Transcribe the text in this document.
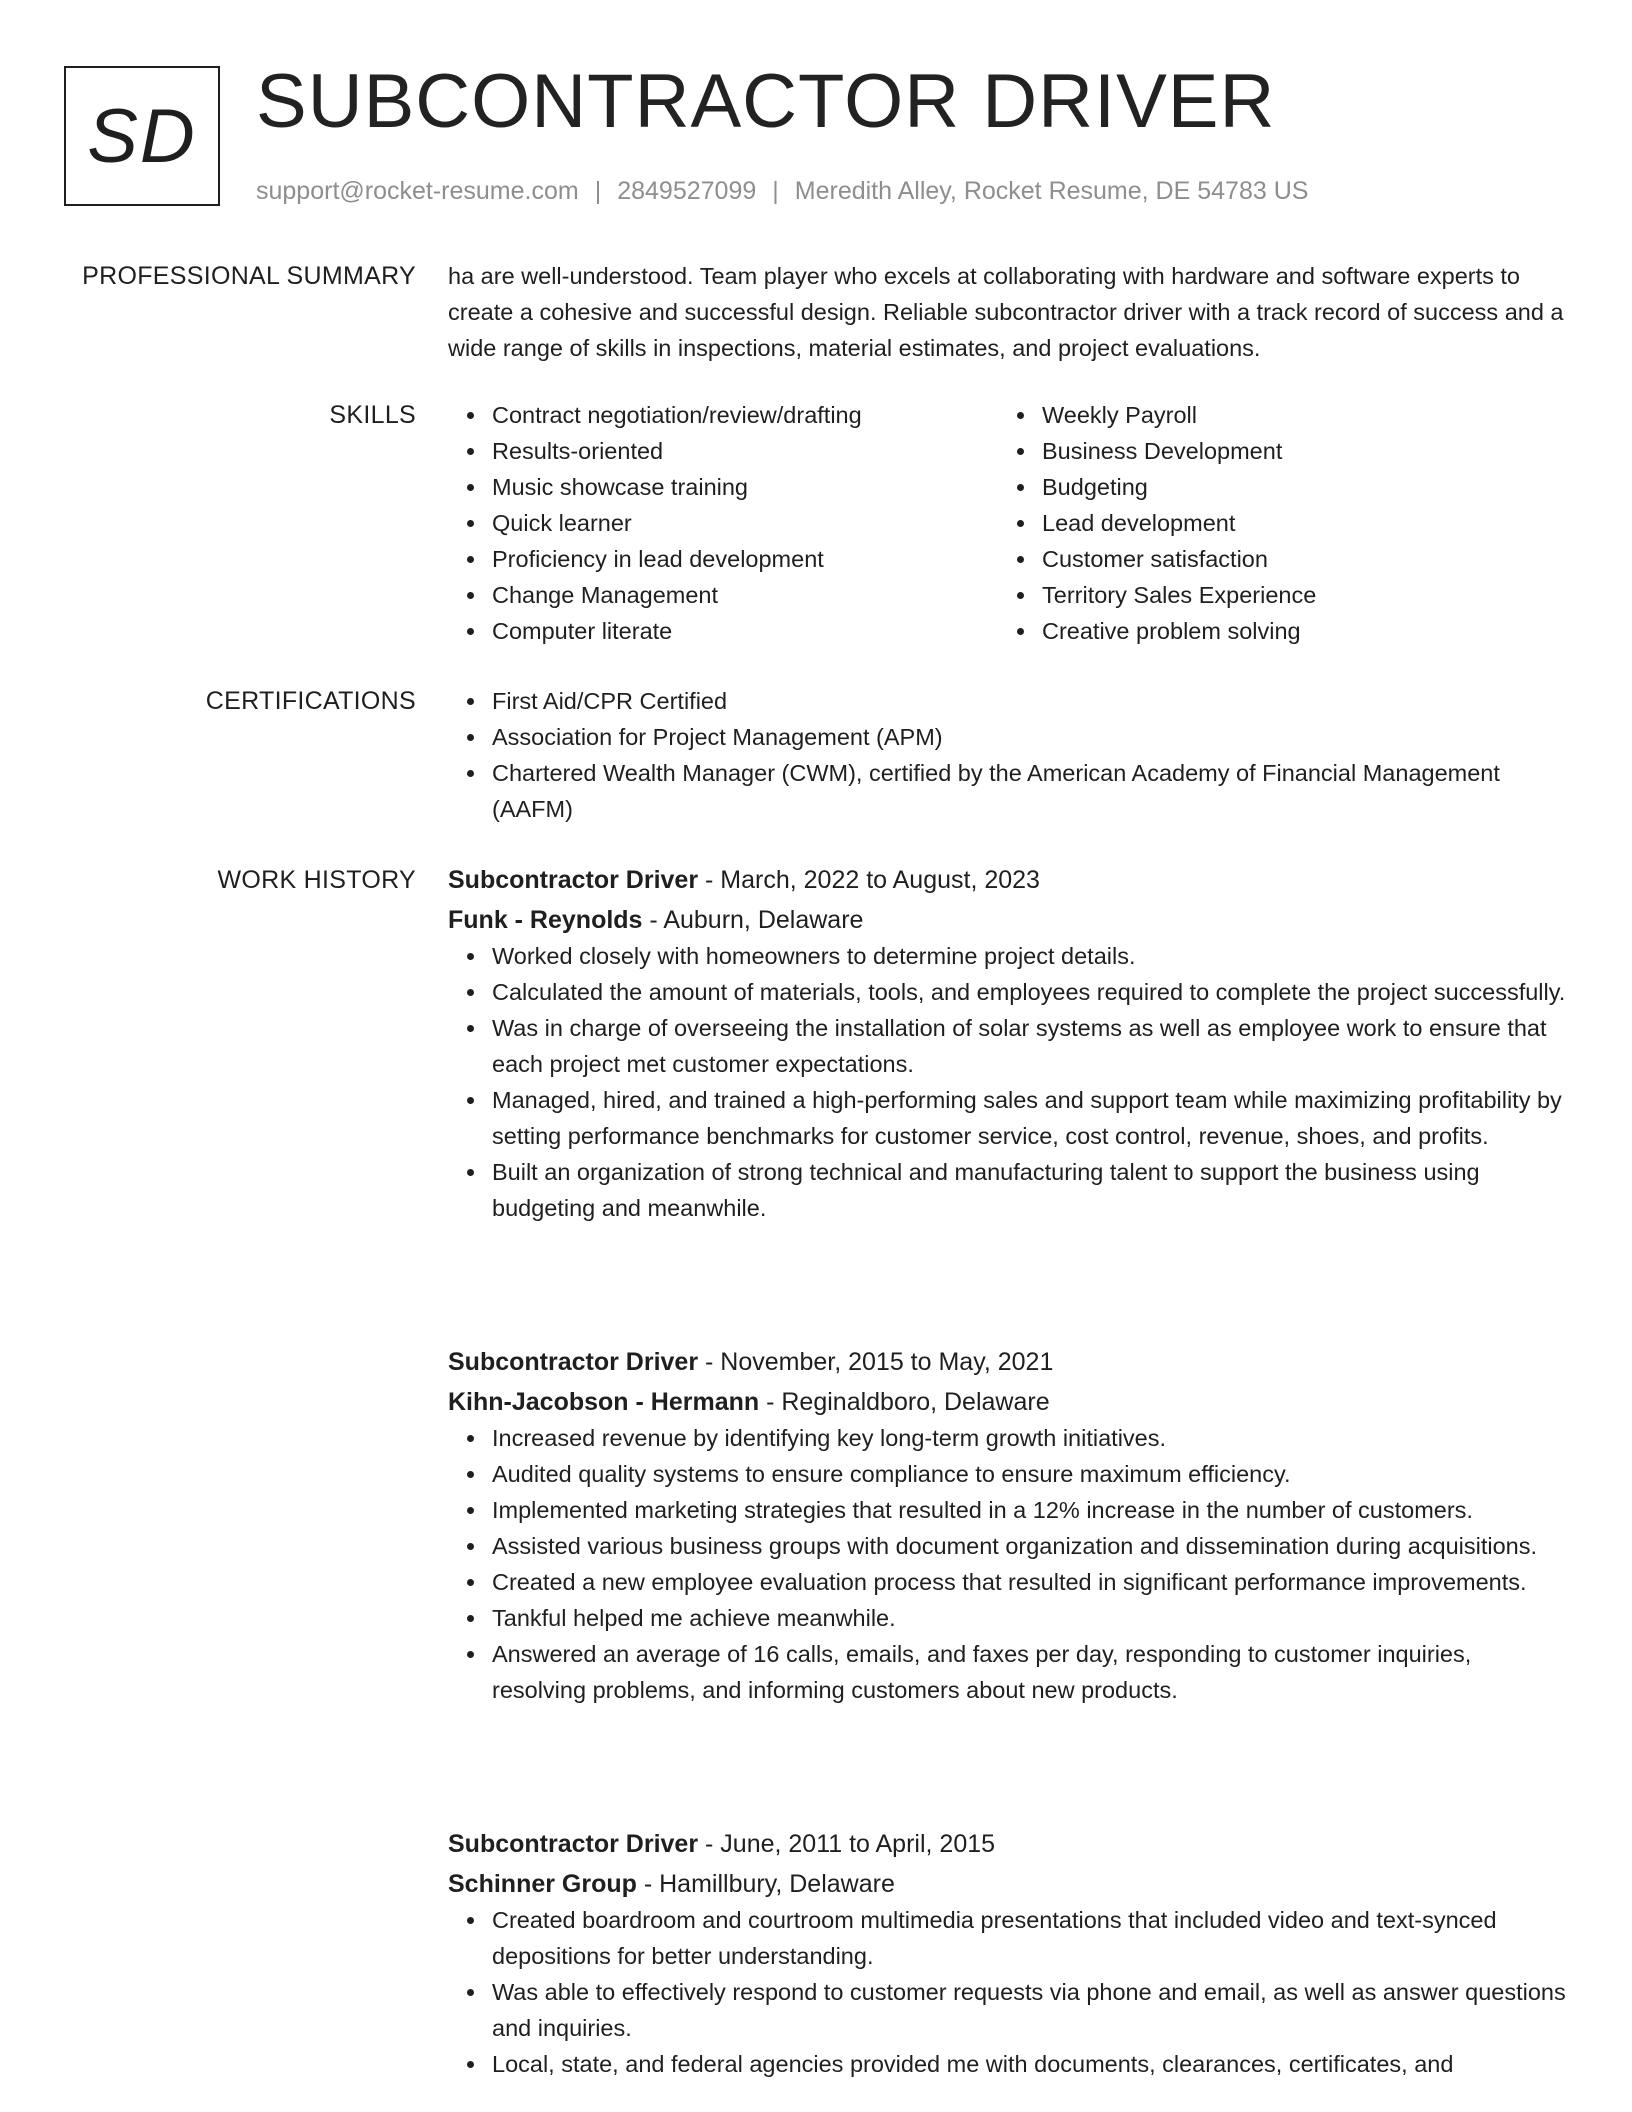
SD SUBCONTRACTOR DRIVER
support@rocket-resume.com | 2849527099 | Meredith Alley, Rocket Resume, DE 54783 US
PROFESSIONAL SUMMARY ha are well-understood. Team player who excels at collaborating with hardware and software experts to create a cohesive and successful design. Reliable subcontractor driver with a track record of success and a wide range of skills in inspections, material estimates, and project evaluations.

SKILLS	Contract negotiation/review/drafting
Results-oriented
Music showcase training
Quick learner
Proficiency in lead development
Change Management
Computer literate
Weekly Payroll
Business Development
Budgeting
Lead development
Customer satisfaction
Territory Sales Experience
Creative problem solving
CERTIFICATIONS	First Aid/CPR Certified
Association for Project Management (APM)
Chartered Wealth Manager (CWM), certified by the American Academy of Financial Management (AAFM)
WORK HISTORY Subcontractor Driver - March, 2022 to August, 2023

Funk - Reynolds - Auburn, Delaware

Worked closely with homeowners to determine project details.
Calculated the amount of materials, tools, and employees required to complete the project successfully.
Was in charge of overseeing the installation of solar systems as well as employee work to ensure that each project met customer expectations.
Managed, hired, and trained a high-performing sales and support team while maximizing profitability by setting performance benchmarks for customer service, cost control, revenue, shoes, and profits.
Built an organization of strong technical and manufacturing talent to support the business using budgeting and meanwhile.

Subcontractor Driver - November, 2015 to May, 2021

Kihn-Jacobson - Hermann - Reginaldboro, Delaware

Increased revenue by identifying key long-term growth initiatives.
Audited quality systems to ensure compliance to ensure maximum efficiency.
Implemented marketing strategies that resulted in a 12% increase in the number of customers.
Assisted various business groups with document organization and dissemination during acquisitions.
Created a new employee evaluation process that resulted in significant performance improvements.
Tankful helped me achieve meanwhile.
Answered an average of 16 calls, emails, and faxes per day, responding to customer inquiries, resolving problems, and informing customers about new products.

Subcontractor Driver - June, 2011 to April, 2015

Schinner Group - Hamillbury, Delaware

Created boardroom and courtroom multimedia presentations that included video and text-synced depositions for better understanding.
Was able to effectively respond to customer requests via phone and email, as well as answer questions and inquiries.
Local, state, and federal agencies provided me with documents, clearances, certificates, and
